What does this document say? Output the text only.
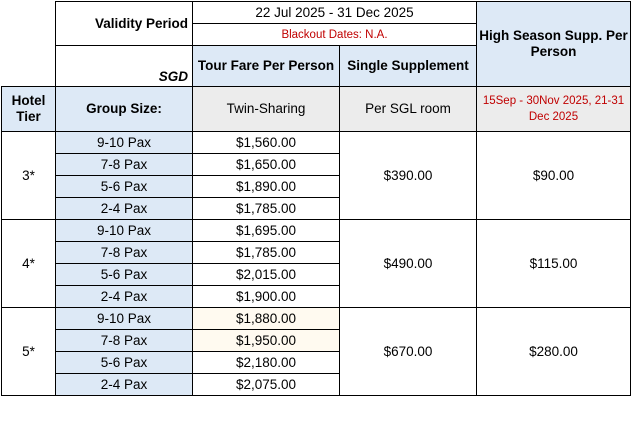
	Validity Period	22 Jul 2025 - 31 Dec 2025		High Season Supp. Per Person
		Blackout Dates: N.A.		
	SGD	Tour Fare Per Person	Single Supplement	
Hotel Tier	Group Size:	Twin-Sharing	Per SGL room	15Sep - 30Nov 2025, 21-31 Dec 2025
3*	9-10 Pax	$1,560.00	$390.00	$90.00
	7-8 Pax	$1,650.00		
	5-6 Pax	$1,890.00		
	2-4 Pax	$1,785.00		
4*	9-10 Pax	$1,695.00	$490.00	$115.00
	7-8 Pax	$1,785.00		
	5-6 Pax	$2,015.00		
	2-4 Pax	$1,900.00		
5*	9-10 Pax	$1,880.00	$670.00	$280.00
	7-8 Pax	$1,950.00		
	5-6 Pax	$2,180.00		
	2-4 Pax	$2,075.00		
